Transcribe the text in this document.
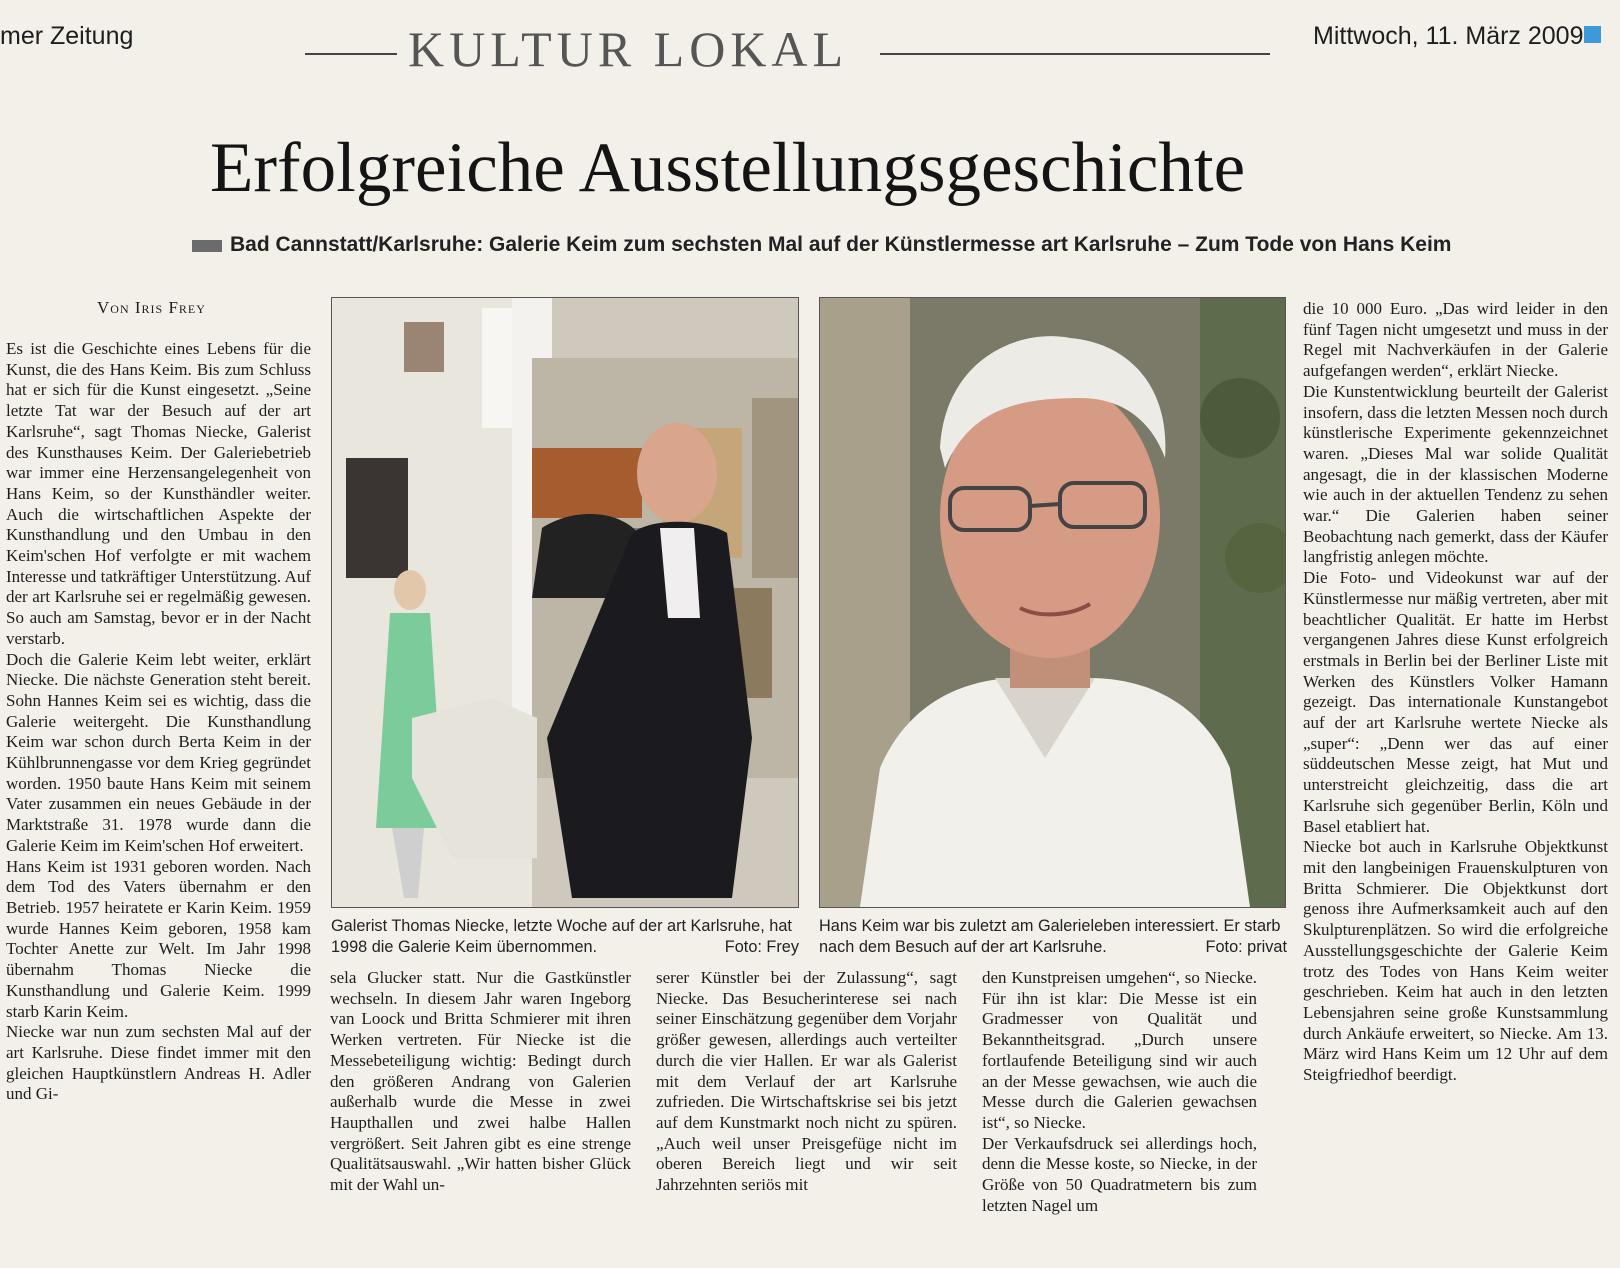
mer Zeitung	KULTUR LOKAL	Mittwoch, 11. März 2009
Erfolgreiche Ausstellungsgeschichte
Bad Cannstatt/Karlsruhe: Galerie Keim zum sechsten Mal auf der Künstlermesse art Karlsruhe – Zum Tode von Hans Keim
Von Iris Frey

Es ist die Geschichte eines Lebens für die Kunst, die des Hans Keim. Bis zum Schluss hat er sich für die Kunst eingesetzt. „Seine letzte Tat war der Besuch auf der art Karlsruhe“, sagt Thomas Niecke, Galerist des Kunsthauses Keim. Der Galeriebetrieb war immer eine Herzensangelegenheit von Hans Keim, so der Kunsthändler weiter. Auch die wirtschaftlichen Aspekte der Kunsthandlung und den Umbau in den Keim'schen Hof verfolgte er mit wachem Interesse und tatkräftiger Unterstützung. Auf der art Karlsruhe sei er regelmäßig gewesen. So auch am Samstag, bevor er in der Nacht verstarb.

Doch die Galerie Keim lebt weiter, erklärt Niecke. Die nächste Generation steht bereit. Sohn Hannes Keim sei es wichtig, dass die Galerie weitergeht. Die Kunsthandlung Keim war schon durch Berta Keim in der Kühlbrunnengasse vor dem Krieg gegründet worden. 1950 baute Hans Keim mit seinem Vater zusammen ein neues Gebäude in der Marktstraße 31. 1978 wurde dann die Galerie Keim im Keim'schen Hof erweitert.

Hans Keim ist 1931 geboren worden. Nach dem Tod des Vaters übernahm er den Betrieb. 1957 heiratete er Karin Keim. 1959 wurde Hannes Keim geboren, 1958 kam Tochter Anette zur Welt. Im Jahr 1998 übernahm Thomas Niecke die Kunsthandlung und Galerie Keim. 1999 starb Karin Keim.

Niecke war nun zum sechsten Mal auf der art Karlsruhe. Diese findet immer mit den gleichen Hauptkünstlern Andreas H. Adler und Gi-

Galerist Thomas Niecke, letzte Woche auf der art Karlsruhe, hat 1998 die Galerie Keim übernommen.	Foto: Frey
Hans Keim war bis zuletzt am Galerieleben interessiert. Er starb nach dem Besuch auf der art Karlsruhe.	Foto: privat

sela Glucker statt. Nur die Gastkünstler wechseln. In diesem Jahr waren Ingeborg van Loock und Britta Schmierer mit ihren Werken vertreten. Für Niecke ist die Messebeteiligung wichtig: Bedingt durch den größeren Andrang von Galerien außerhalb wurde die Messe in zwei Haupthallen und zwei halbe Hallen vergrößert. Seit Jahren gibt es eine strenge Qualitätsauswahl. „Wir hatten bisher Glück mit der Wahl un-

serer Künstler bei der Zulassung“, sagt Niecke. Das Besucherinterese sei nach seiner Einschätzung gegenüber dem Vorjahr größer gewesen, allerdings auch verteilter durch die vier Hallen. Er war als Galerist mit dem Verlauf der art Karlsruhe zufrieden. Die Wirtschaftskrise sei bis jetzt auf dem Kunstmarkt noch nicht zu spüren. „Auch weil unser Preisgefüge nicht im oberen Bereich liegt und wir seit Jahrzehnten seriös mit

den Kunstpreisen umgehen“, so Niecke. Für ihn ist klar: Die Messe ist ein Gradmesser von Qualität und Bekanntheitsgrad. „Durch unsere fortlaufende Beteiligung sind wir auch an der Messe gewachsen, wie auch die Messe durch die Galerien gewachsen ist“, so Niecke.

Der Verkaufsdruck sei allerdings hoch, denn die Messe koste, so Niecke, in der Größe von 50 Quadratmetern bis zum letzten Nagel um

die 10 000 Euro. „Das wird leider in den fünf Tagen nicht umgesetzt und muss in der Regel mit Nachverkäufen in der Galerie aufgefangen werden“, erklärt Niecke.

Die Kunstentwicklung beurteilt der Galerist insofern, dass die letzten Messen noch durch künstlerische Experimente gekennzeichnet waren. „Dieses Mal war solide Qualität angesagt, die in der klassischen Moderne wie auch in der aktuellen Tendenz zu sehen war.“ Die Galerien haben seiner Beobachtung nach gemerkt, dass der Käufer langfristig anlegen möchte.

Die Foto- und Videokunst war auf der Künstlermesse nur mäßig vertreten, aber mit beachtlicher Qualität. Er hatte im Herbst vergangenen Jahres diese Kunst erfolgreich erstmals in Berlin bei der Berliner Liste mit Werken des Künstlers Volker Hamann gezeigt. Das internationale Kunstangebot auf der art Karlsruhe wertete Niecke als „super“: „Denn wer das auf einer süddeutschen Messe zeigt, hat Mut und unterstreicht gleichzeitig, dass die art Karlsruhe sich gegenüber Berlin, Köln und Basel etabliert hat.

Niecke bot auch in Karlsruhe Objektkunst mit den langbeinigen Frauenskulpturen von Britta Schmierer. Die Objektkunst dort genoss ihre Aufmerksamkeit auch auf den Skulpturenplätzen. So wird die erfolgreiche Ausstellungsgeschichte der Galerie Keim trotz des Todes von Hans Keim weiter geschrieben. Keim hat auch in den letzten Lebensjahren seine große Kunstsammlung durch Ankäufe erweitert, so Niecke. Am 13. März wird Hans Keim um 12 Uhr auf dem Steigfriedhof beerdigt.
